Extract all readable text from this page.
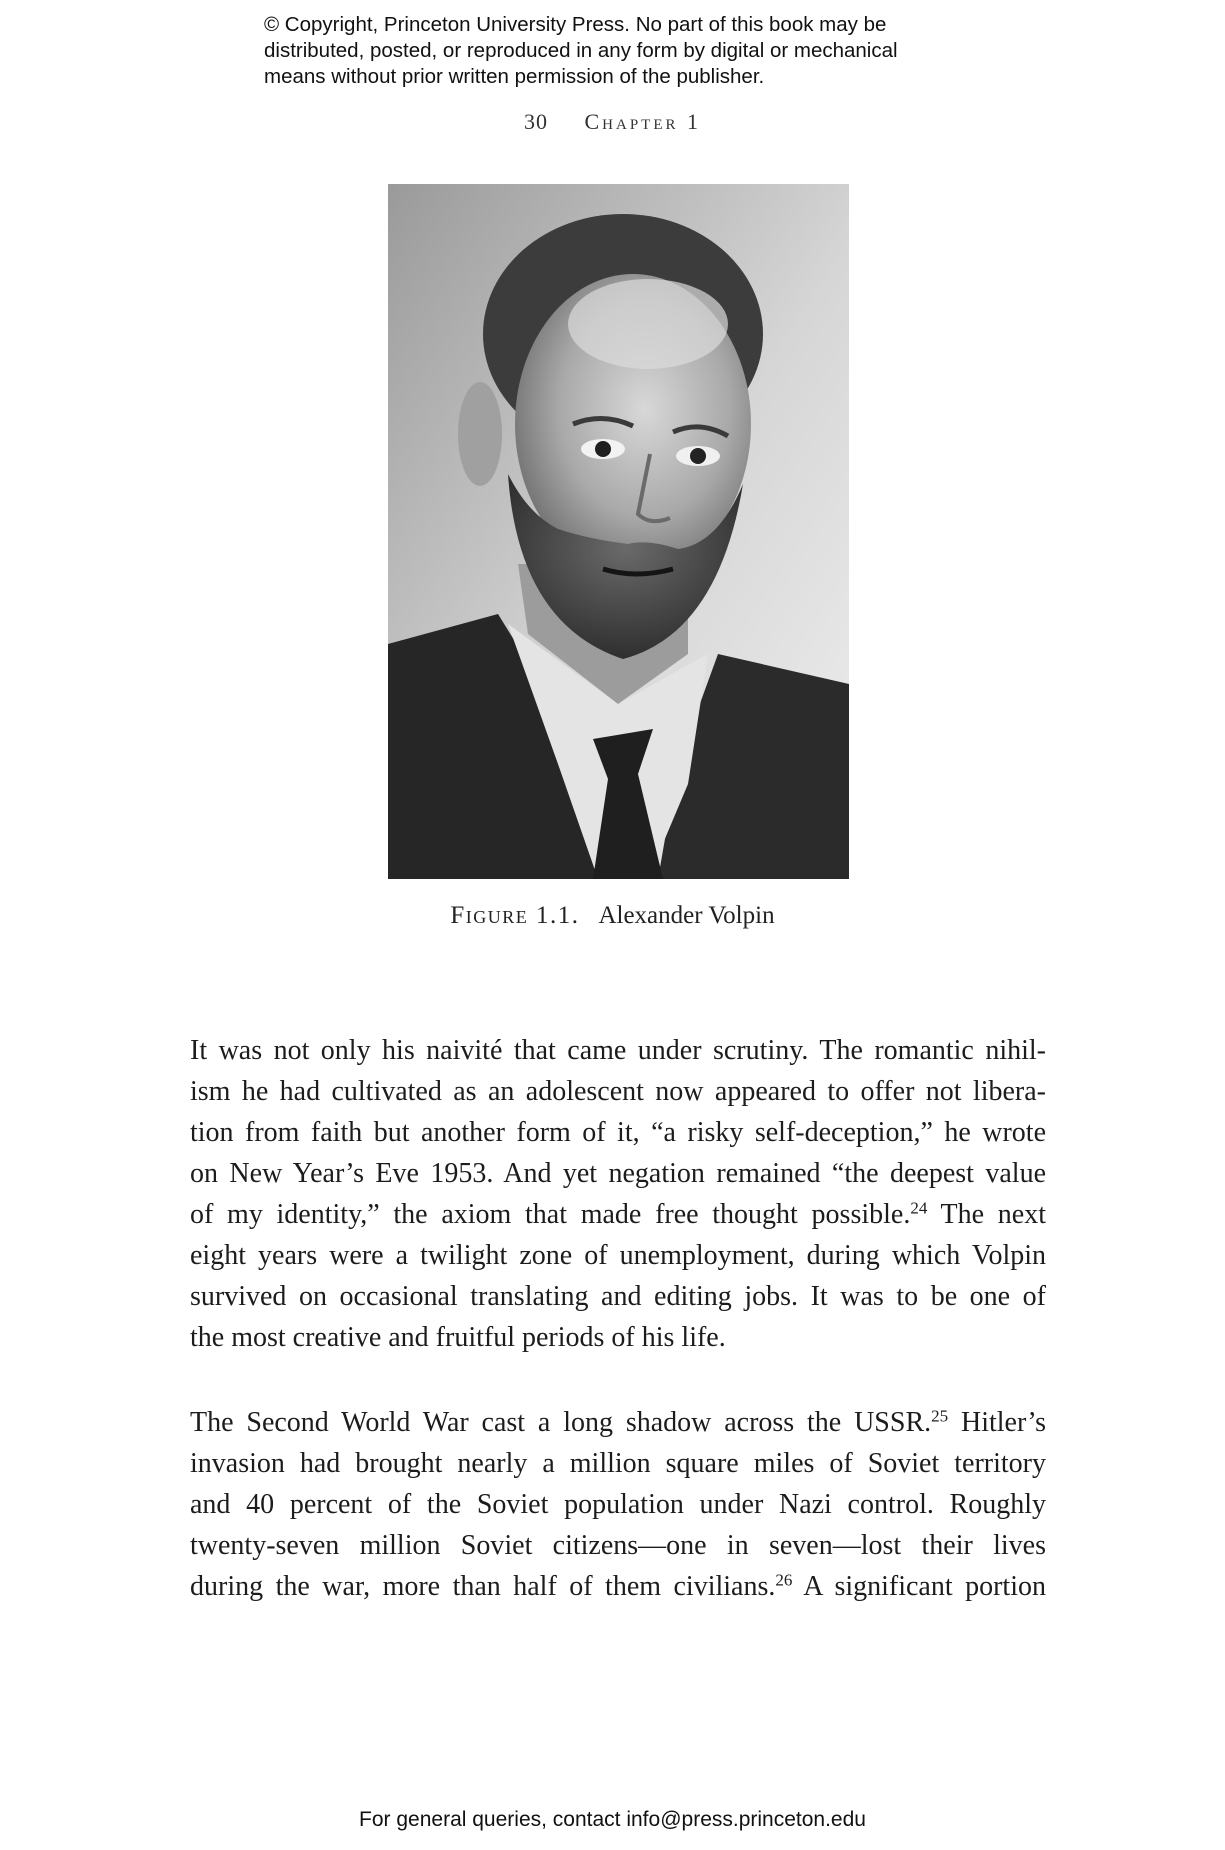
© Copyright, Princeton University Press. No part of this book may be
distributed, posted, or reproduced in any form by digital or mechanical
means without prior written permission of the publisher.
30 Chapter 1
Figure 1.1. Alexander Volpin
It was not only his naivité that came under scrutiny. The romantic nihil-
ism he had cultivated as an adolescent now appeared to offer not libera-
tion from faith but another form of it, “a risky self-deception,” he wrote
on New Year’s Eve 1953. And yet negation remained “the deepest value
of my identity,” the axiom that made free thought possible.$^{24}$ The next
eight years were a twilight zone of unemployment, during which Volpin
survived on occasional translating and editing jobs. It was to be one of
the most creative and fruitful periods of his life.
The Second World War cast a long shadow across the USSR.$^{25}$ Hitler’s
invasion had brought nearly a million square miles of Soviet territory
and 40 percent of the Soviet population under Nazi control. Roughly
twenty-seven million Soviet citizens—one in seven—lost their lives
during the war, more than half of them civilians.$^{26}$ A significant portion
For general queries, contact info@press.princeton.edu
